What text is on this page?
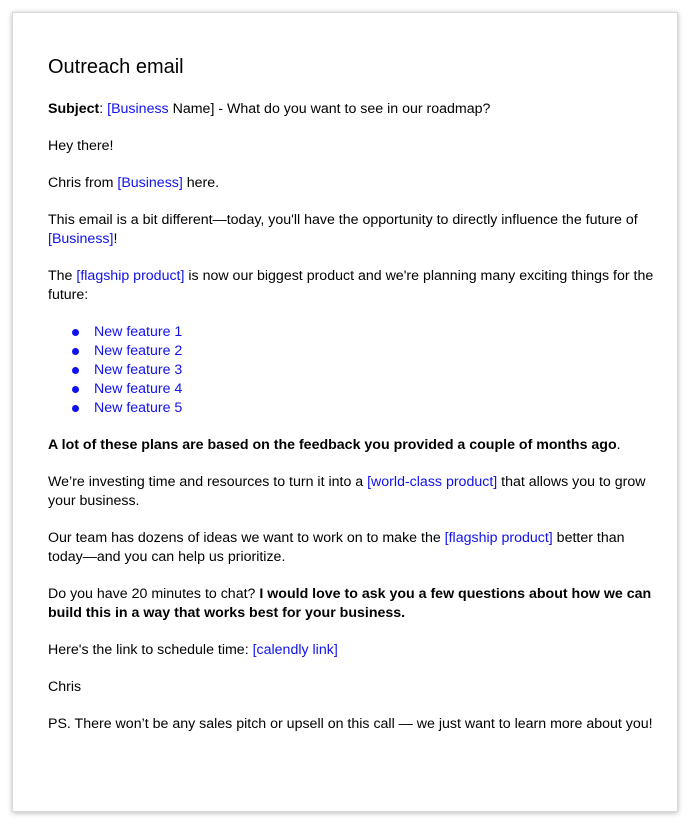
Outreach email

Subject: [Business Name] - What do you want to see in our roadmap?

Hey there!

Chris from [Business] here.

This email is a bit different—today, you'll have the opportunity to directly influence the future of [Business]!

The [flagship product] is now our biggest product and we're planning many exciting things for the future:

New feature 1
New feature 2
New feature 3
New feature 4
New feature 5

A lot of these plans are based on the feedback you provided a couple of months ago.

We’re investing time and resources to turn it into a [world-class product] that allows you to grow your business.

Our team has dozens of ideas we want to work on to make the [flagship product] better than today—and you can help us prioritize.

Do you have 20 minutes to chat? I would love to ask you a few questions about how we can build this in a way that works best for your business.

Here's the link to schedule time: [calendly link]

Chris

PS. There won’t be any sales pitch or upsell on this call — we just want to learn more about you!
